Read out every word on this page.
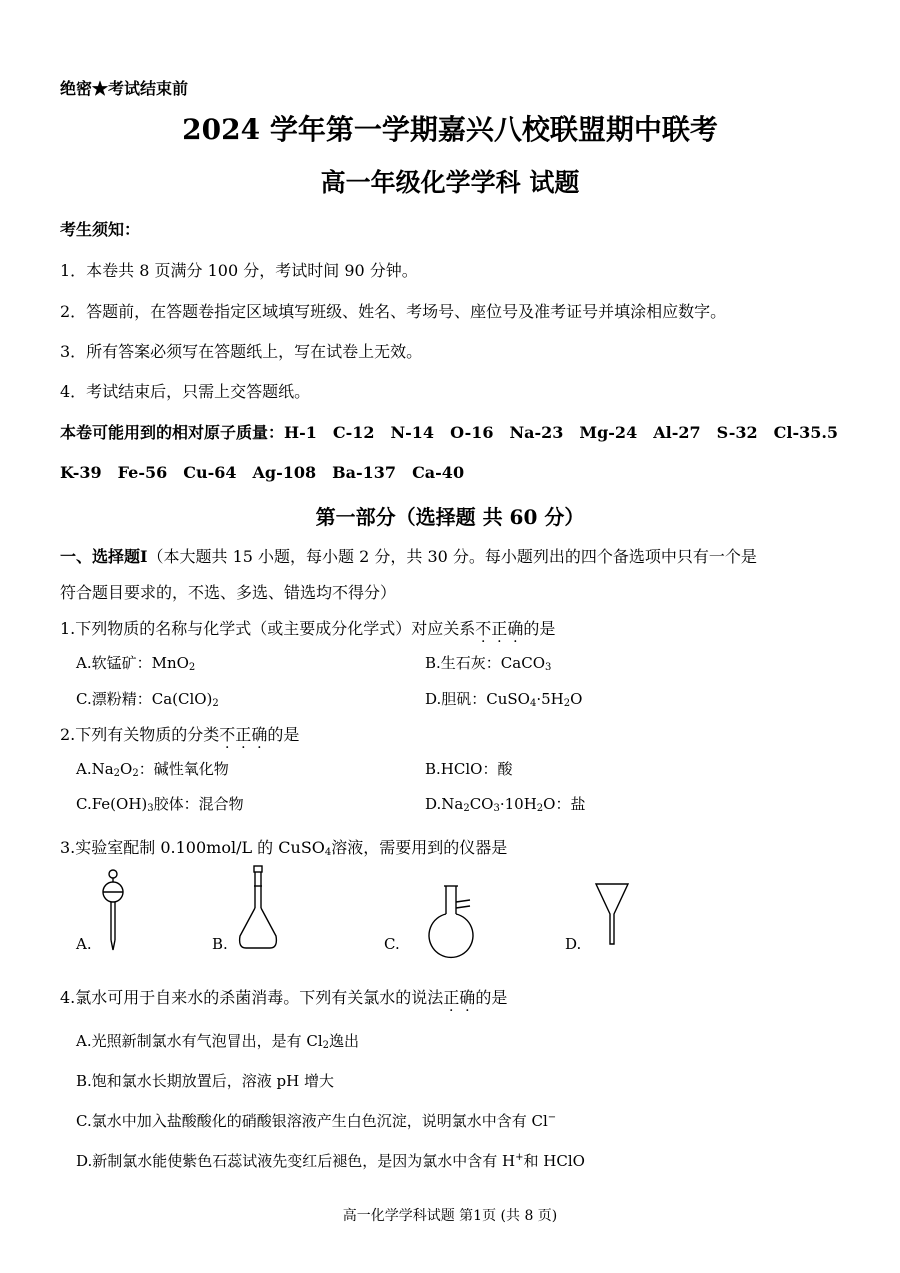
绝密★考试结束前
2024 学年第一学期嘉兴八校联盟期中联考
高一年级化学学科 试题
考生须知：
1．本卷共 8 页满分 100 分，考试时间 90 分钟。
2．答题前，在答题卷指定区域填写班级、姓名、考场号、座位号及准考证号并填涂相应数字。
3．所有答案必须写在答题纸上，写在试卷上无效。
4．考试结束后，只需上交答题纸。
本卷可能用到的相对原子质量：H-1　C-12　N-14　O-16　Na-23　Mg-24　Al-27　S-32　Cl-35.5
K-39　Fe-56　Cu-64　Ag-108　Ba-137　Ca-40
第一部分（选择题 共 60 分）
一、选择题Ⅰ（本大题共 15 小题，每小题 2 分，共 30 分。每小题列出的四个备选项中只有一个是
符合题目要求的，不选、多选、错选均不得分）
1.下列物质的名称与化学式（或主要成分化学式）对应关系不正确的是
A.软锰矿：MnO$_2$	B.生石灰：CaCO$_3$
C.漂粉精：$Ca(ClO)_2$	D.胆矾：$CuSO_4\cdot 5H_2O$
2.下列有关物质的分类不正确的是
$A.Na_2O_2$：碱性氧化物	B.HClO：酸
$C.Fe(OH)_3$胶体：混合物	$D.Na_2CO_3\cdot 10H_2O$：盐
3.实验室配制 0.100mol/L 的 CuSO$_4$溶液，需要用到的仪器是
A.	B.	C.	D.
4.氯水可用于自来水的杀菌消毒。下列有关氯水的说法正确的是
A.光照新制氯水有气泡冒出，是有 $Cl_2$逸出
B.饱和氯水长期放置后，溶液 pH 增大
C.氯水中加入盐酸酸化的硝酸银溶液产生白色沉淀，说明氯水中含有 Cl−
D.新制氯水能使紫色石蕊试液先变红后褪色，是因为氯水中含有 H+和 HClO
高一化学学科试题 第1页 (共 8 页)
